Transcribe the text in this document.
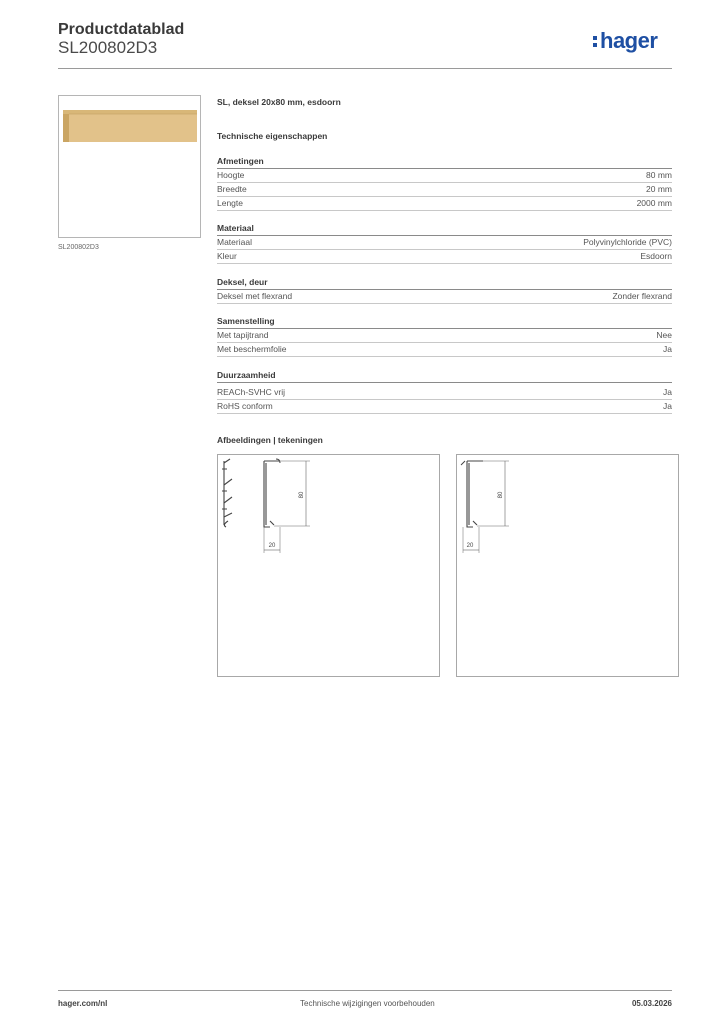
Productdatablad
SL200802D3	hager
SL200802D3
SL, deksel 20x80 mm, esdoorn
Technische eigenschappen
Afmetingen
Hoogte	80 mm
Breedte	20 mm
Lengte	2000 mm
Materiaal
Materiaal	Polyvinylchloride (PVC)
Kleur	Esdoorn
Deksel, deur
Deksel met flexrand	Zonder flexrand
Samenstelling
Met tapijtrand	Nee
Met beschermfolie	Ja
Duurzaamheid
REACh-SVHC vrij	Ja
RoHS conform	Ja
Afbeeldingen | tekeningen
80
20
80
20
hager.com/nl	Technische wijzigingen voorbehouden	05.03.2026
